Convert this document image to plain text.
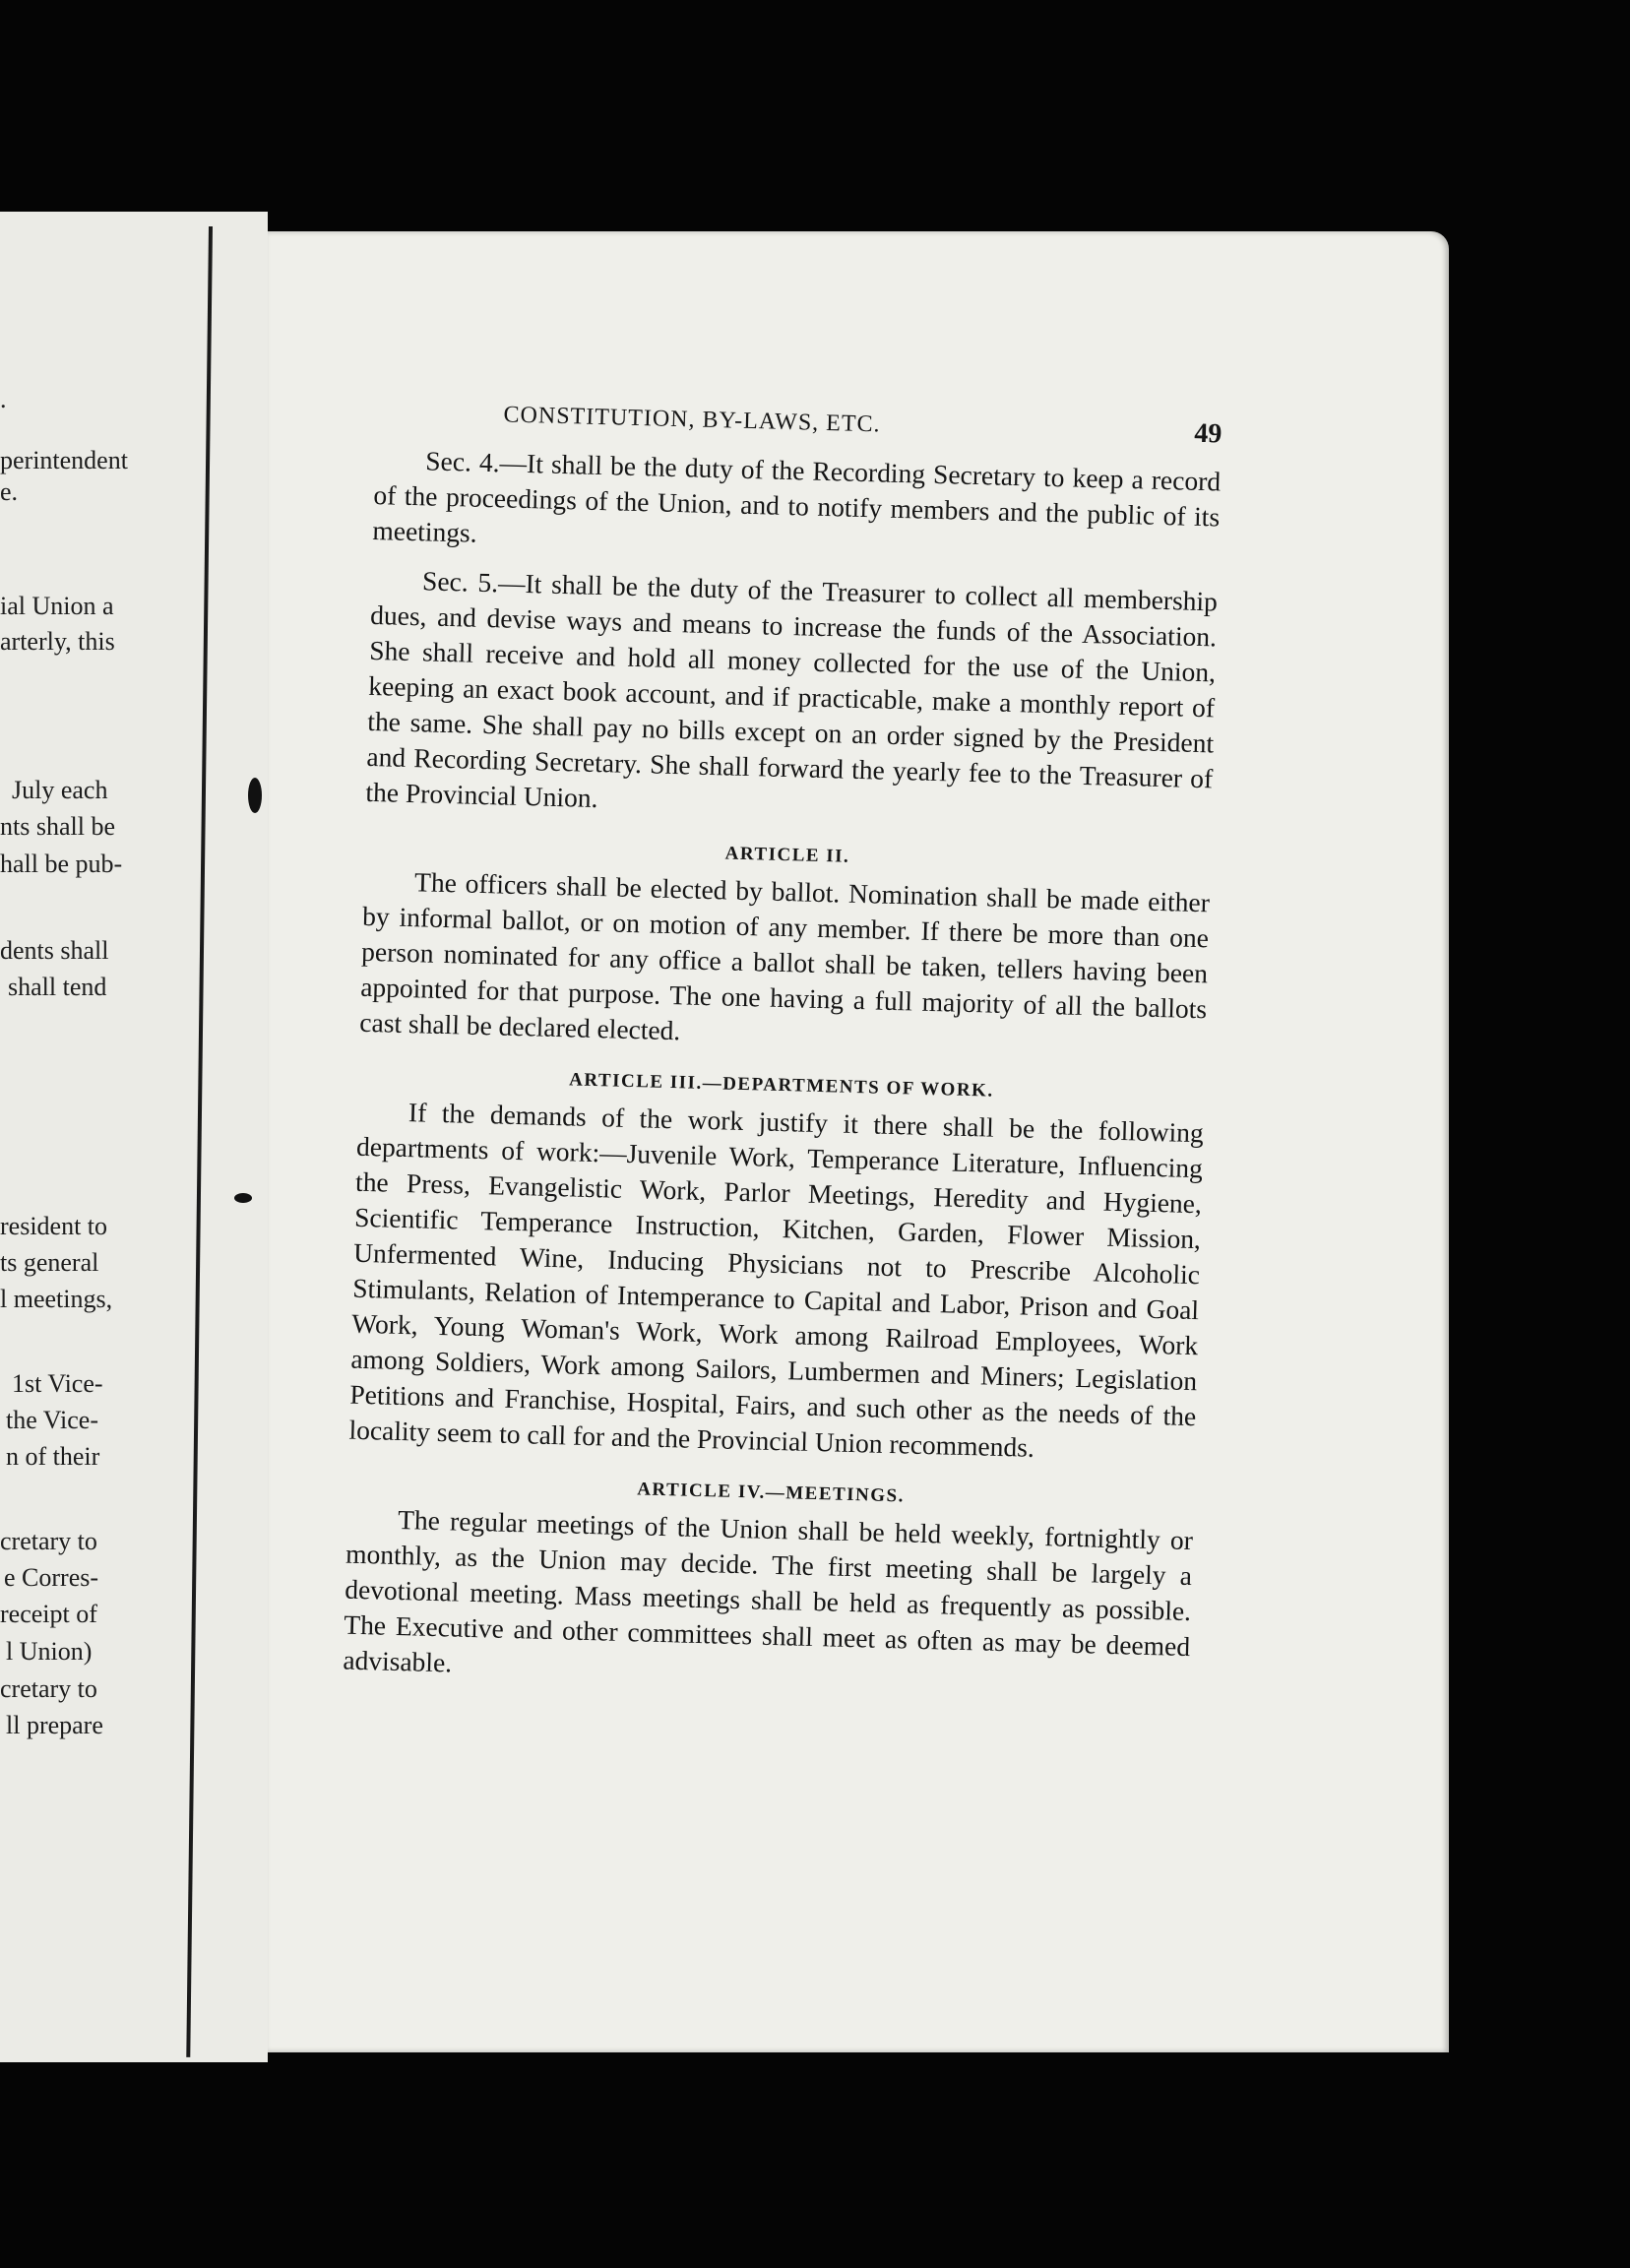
.
perintendent
e.
ial Union a
arterly, this
July each
nts shall be
hall be pub-
dents shall
shall tend
resident to
ts general
l meetings,
1st Vice-
the Vice-
n of their
cretary to
e Corres-
receipt of
l Union)
cretary to
ll prepare
CONSTITUTION, BY-LAWS, ETC.	49

Sec. 4.—It shall be the duty of the Recording Secretary to keep a record of the proceedings of the Union, and to notify members and the public of its meetings.

Sec. 5.—It shall be the duty of the Treasurer to collect all membership dues, and devise ways and means to increase the funds of the Association. She shall receive and hold all money collected for the use of the Union, keeping an exact book account, and if practicable, make a monthly report of the same. She shall pay no bills except on an order signed by the President and Recording Secretary. She shall forward the yearly fee to the Treasurer of the Provincial Union.

ARTICLE II.

The officers shall be elected by ballot. Nomination shall be made either by informal ballot, or on motion of any member. If there be more than one person nominated for any office a ballot shall be taken, tellers having been appointed for that purpose. The one having a full majority of all the ballots cast shall be declared elected.

ARTICLE III.—DEPARTMENTS OF WORK.

If the demands of the work justify it there shall be the following departments of work:—Juvenile Work, Temperance Literature, Influencing the Press, Evangelistic Work, Parlor Meetings, Heredity and Hygiene, Scientific Temperance Instruction, Kitchen, Garden, Flower Mission, Unfermented Wine, Inducing Physicians not to Prescribe Alcoholic Stimulants, Relation of Intemperance to Capital and Labor, Prison and Goal Work, Young Woman's Work, Work among Railroad Employees, Work among Soldiers, Work among Sailors, Lumbermen and Miners; Legislation Petitions and Franchise, Hospital, Fairs, and such other as the needs of the locality seem to call for and the Provincial Union recommends.

ARTICLE IV.—MEETINGS.

The regular meetings of the Union shall be held weekly, fortnightly or monthly, as the Union may decide. The first meeting shall be largely a devotional meeting. Mass meetings shall be held as frequently as possible. The Executive and other committees shall meet as often as may be deemed advisable.
